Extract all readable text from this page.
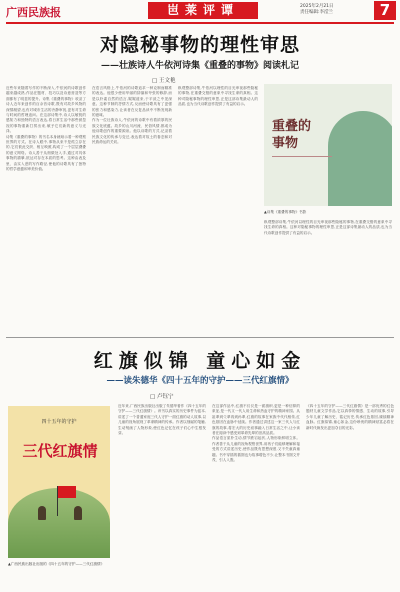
广西民族报	岜莱评谭	2025年2月21日
责任编辑:李滢兰	7
对隐秘事物的理性审思
——壮族诗人牛依河诗集《重叠的事物》阅读札记
□ 王文艳
近些年来随着写作的不断深入,牛依河的诗歌创作越来越成熟,作品在题材、技巧以及诗意营造等方面都有了明显的提升。诗集《重叠的事物》收录了诗人近年来创作的百余首诗歌,既有对故乡风物的深情凝望,也有对城市生活的冷静审视,更有对生命与时间的哲理追问。在这部诗集中,诗人以敏锐的感知力和独特的语言表达,将日常生活中那些被忽视的事物重新打捞出来,赋予它们新的意义与光泽。
诗集《重叠的事物》的书名本身就暗示着一种观察世界的方式。在诗人眼中,事物从来不是孤立存在的,它们彼此交织、相互映照,构成了一个层层叠叠的意义网络。诗人善于从细微处入手,通过对具体事物的描摹,抵达对存在本质的思考。这种由表及里、由实入虚的写作路径,使他的诗歌具有了独特的哲学意蕴和审美价值。
在语言风格上,牛依河的诗歌追求一种克制而精准的表达。他很少使用华丽的辞藻和夸张的修辞,而是以朴素自然的语言,娓娓道来,于平淡之中见深意。这种节制的抒情方式,反而使诗歌具有了更强的张力和感染力,让读者在反复品读中不断发现新的意味。
作为一位壮族诗人,牛依河的诗歌中有着浓厚的民族文化底蕴。故乡的山川河流、民俗风情,都成为他诗歌创作的重要源泉。他以诗歌的方式,记录着民族文化的传承与变迁,表达着对故土的眷恋和对民族命运的关切。
纵观整部诗集,牛依河以理性的目光审视那些隐秘的事物,在重叠交错的意象中寻找生命的真相。这种对隐秘事物的理性审思,正是这部诗集最动人的品质,也为当代诗歌创作提供了有益的启示。
重叠的
事物
▲诗集《重叠的事物》书影
纵观整部诗集,牛依河以理性的目光审视那些隐秘的事物,在重叠交错的意象中寻找生命的真相。这种对隐秘事物的理性审思,正是这部诗集最动人的品质,也为当代诗歌创作提供了有益的启示。
红旗似锦 童心如金
——读朱德华《四十五年的守护——三代红旗情》
□ 卢钰宁
四十五年的守护
三代红旗情
▲广西民族出版社出版的《四十五年的守护——三代红旗情》
近年来,广西民族出版社出版了朱德华著作《四十五年的守护——三代红旗情》。该书以真实的历史事件为蓝本,讲述了一个普通家庭三代人守护一面红旗的动人故事,以儿童的视角展现了革命精神的传承。作者以细腻的笔触,生动刻画了人物形象,使红色记忆在孩子们心中生根发芽。
在这部作品中,红旗不仅仅是一面旗帜,更是一种信仰的象征,是一代又一代人用生命和热血守护的精神家园。从祖辈到父辈再到孙辈,红旗的故事在家族中代代相传,红色基因在血脉中延续。作者通过讲述这一家三代人与红旗的故事,将宏大的历史叙事融入日常生活之中,让小读者在阅读中感受到革命先辈的崇高品质。
作品语言质朴生动,情节跌宕起伏,人物形象鲜明立体。作者善于从儿童的视角观察世界,用孩子们能够理解和接受的方式讲述历史,使作品既有思想深度,又不失童真童趣。书中穿插的插图也为故事增色不少,让整本书图文并茂、引人入胜。
《四十五年的守护——三代红旗情》是一部优秀的红色题材儿童文学作品,它以真挚的情感、生动的故事,引导少年儿童了解历史、铭记历史,传承红色基因,赓续精神血脉。红旗似锦,童心如金,这份珍贵的精神财富必将在新时代焕发出更加夺目的光彩。
